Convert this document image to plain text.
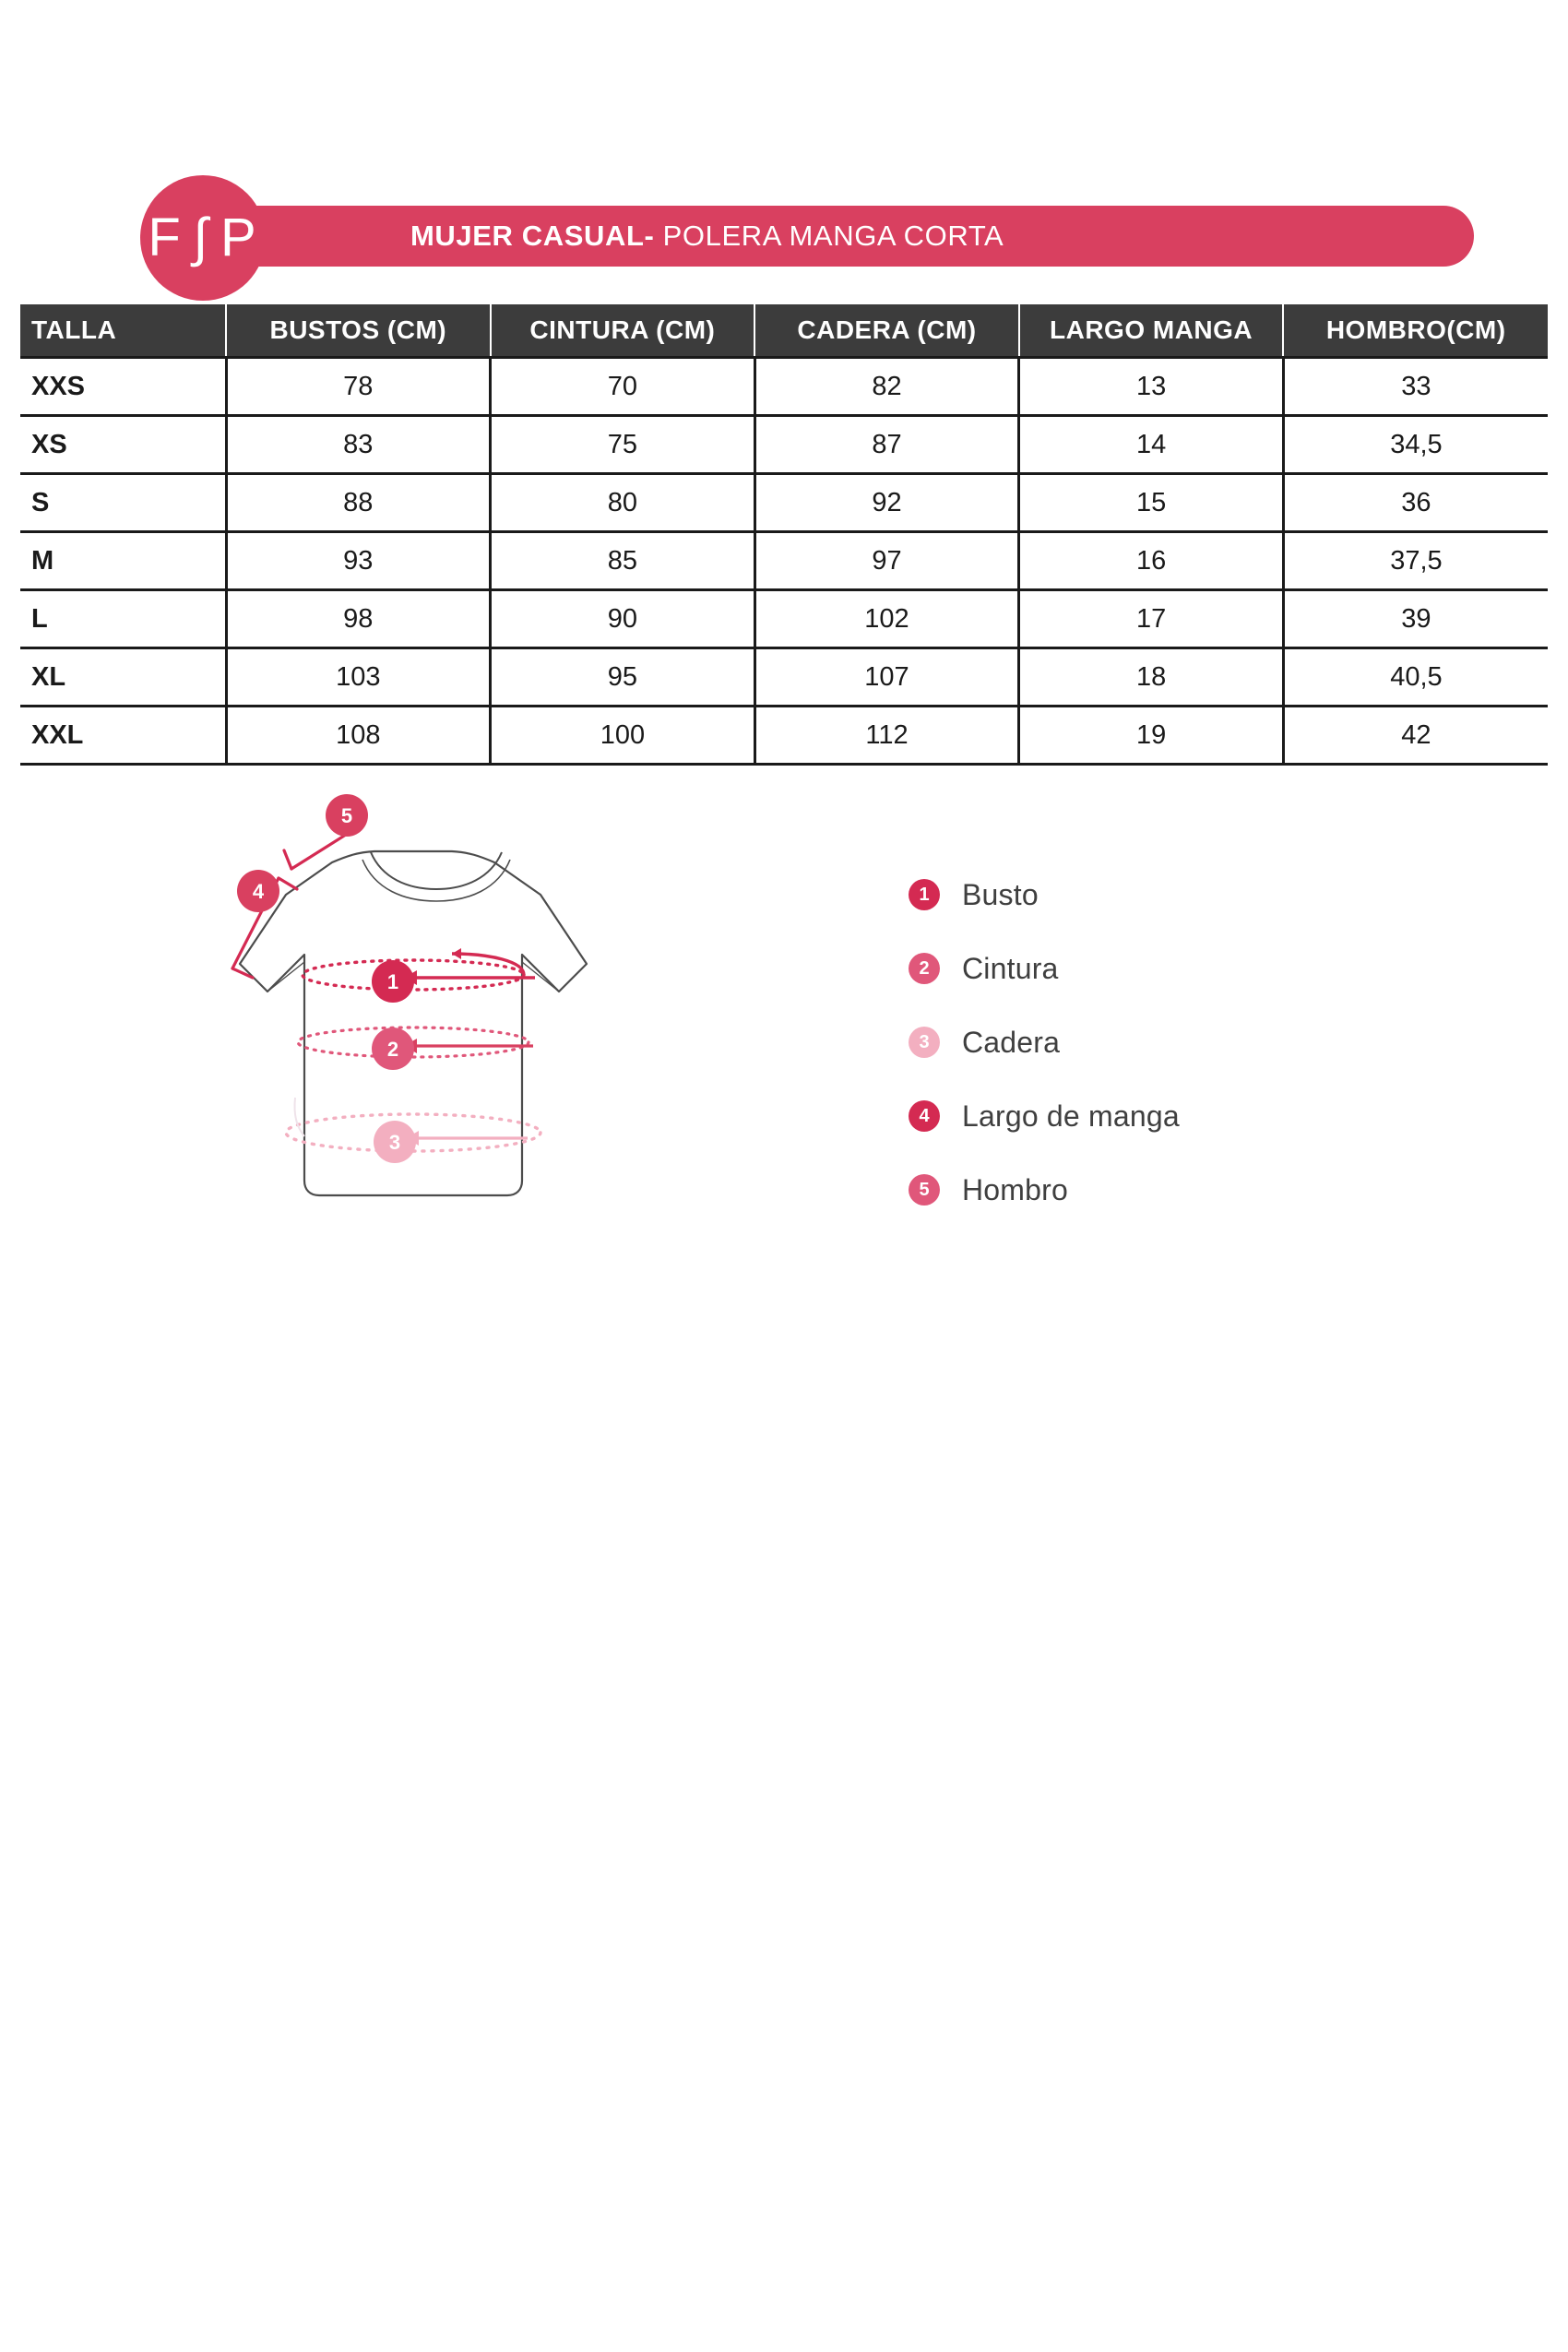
MUJER CASUAL- POLERA MANGA CORTA
F ∫ P
TALLA	BUSTOS (CM)	CINTURA (CM)	CADERA (CM)	LARGO MANGA	HOMBRO(CM)
XXS	78	70	82	13	33
XS	83	75	87	14	34,5
S	88	80	92	15	36
M	93	85	97	16	37,5
L	98	90	102	17	39
XL	103	95	107	18	40,5
XXL	108	100	112	19	42
1
2
3
4
5
1	Busto
2	Cintura
3	Cadera
4	Largo de manga
5	Hombro
